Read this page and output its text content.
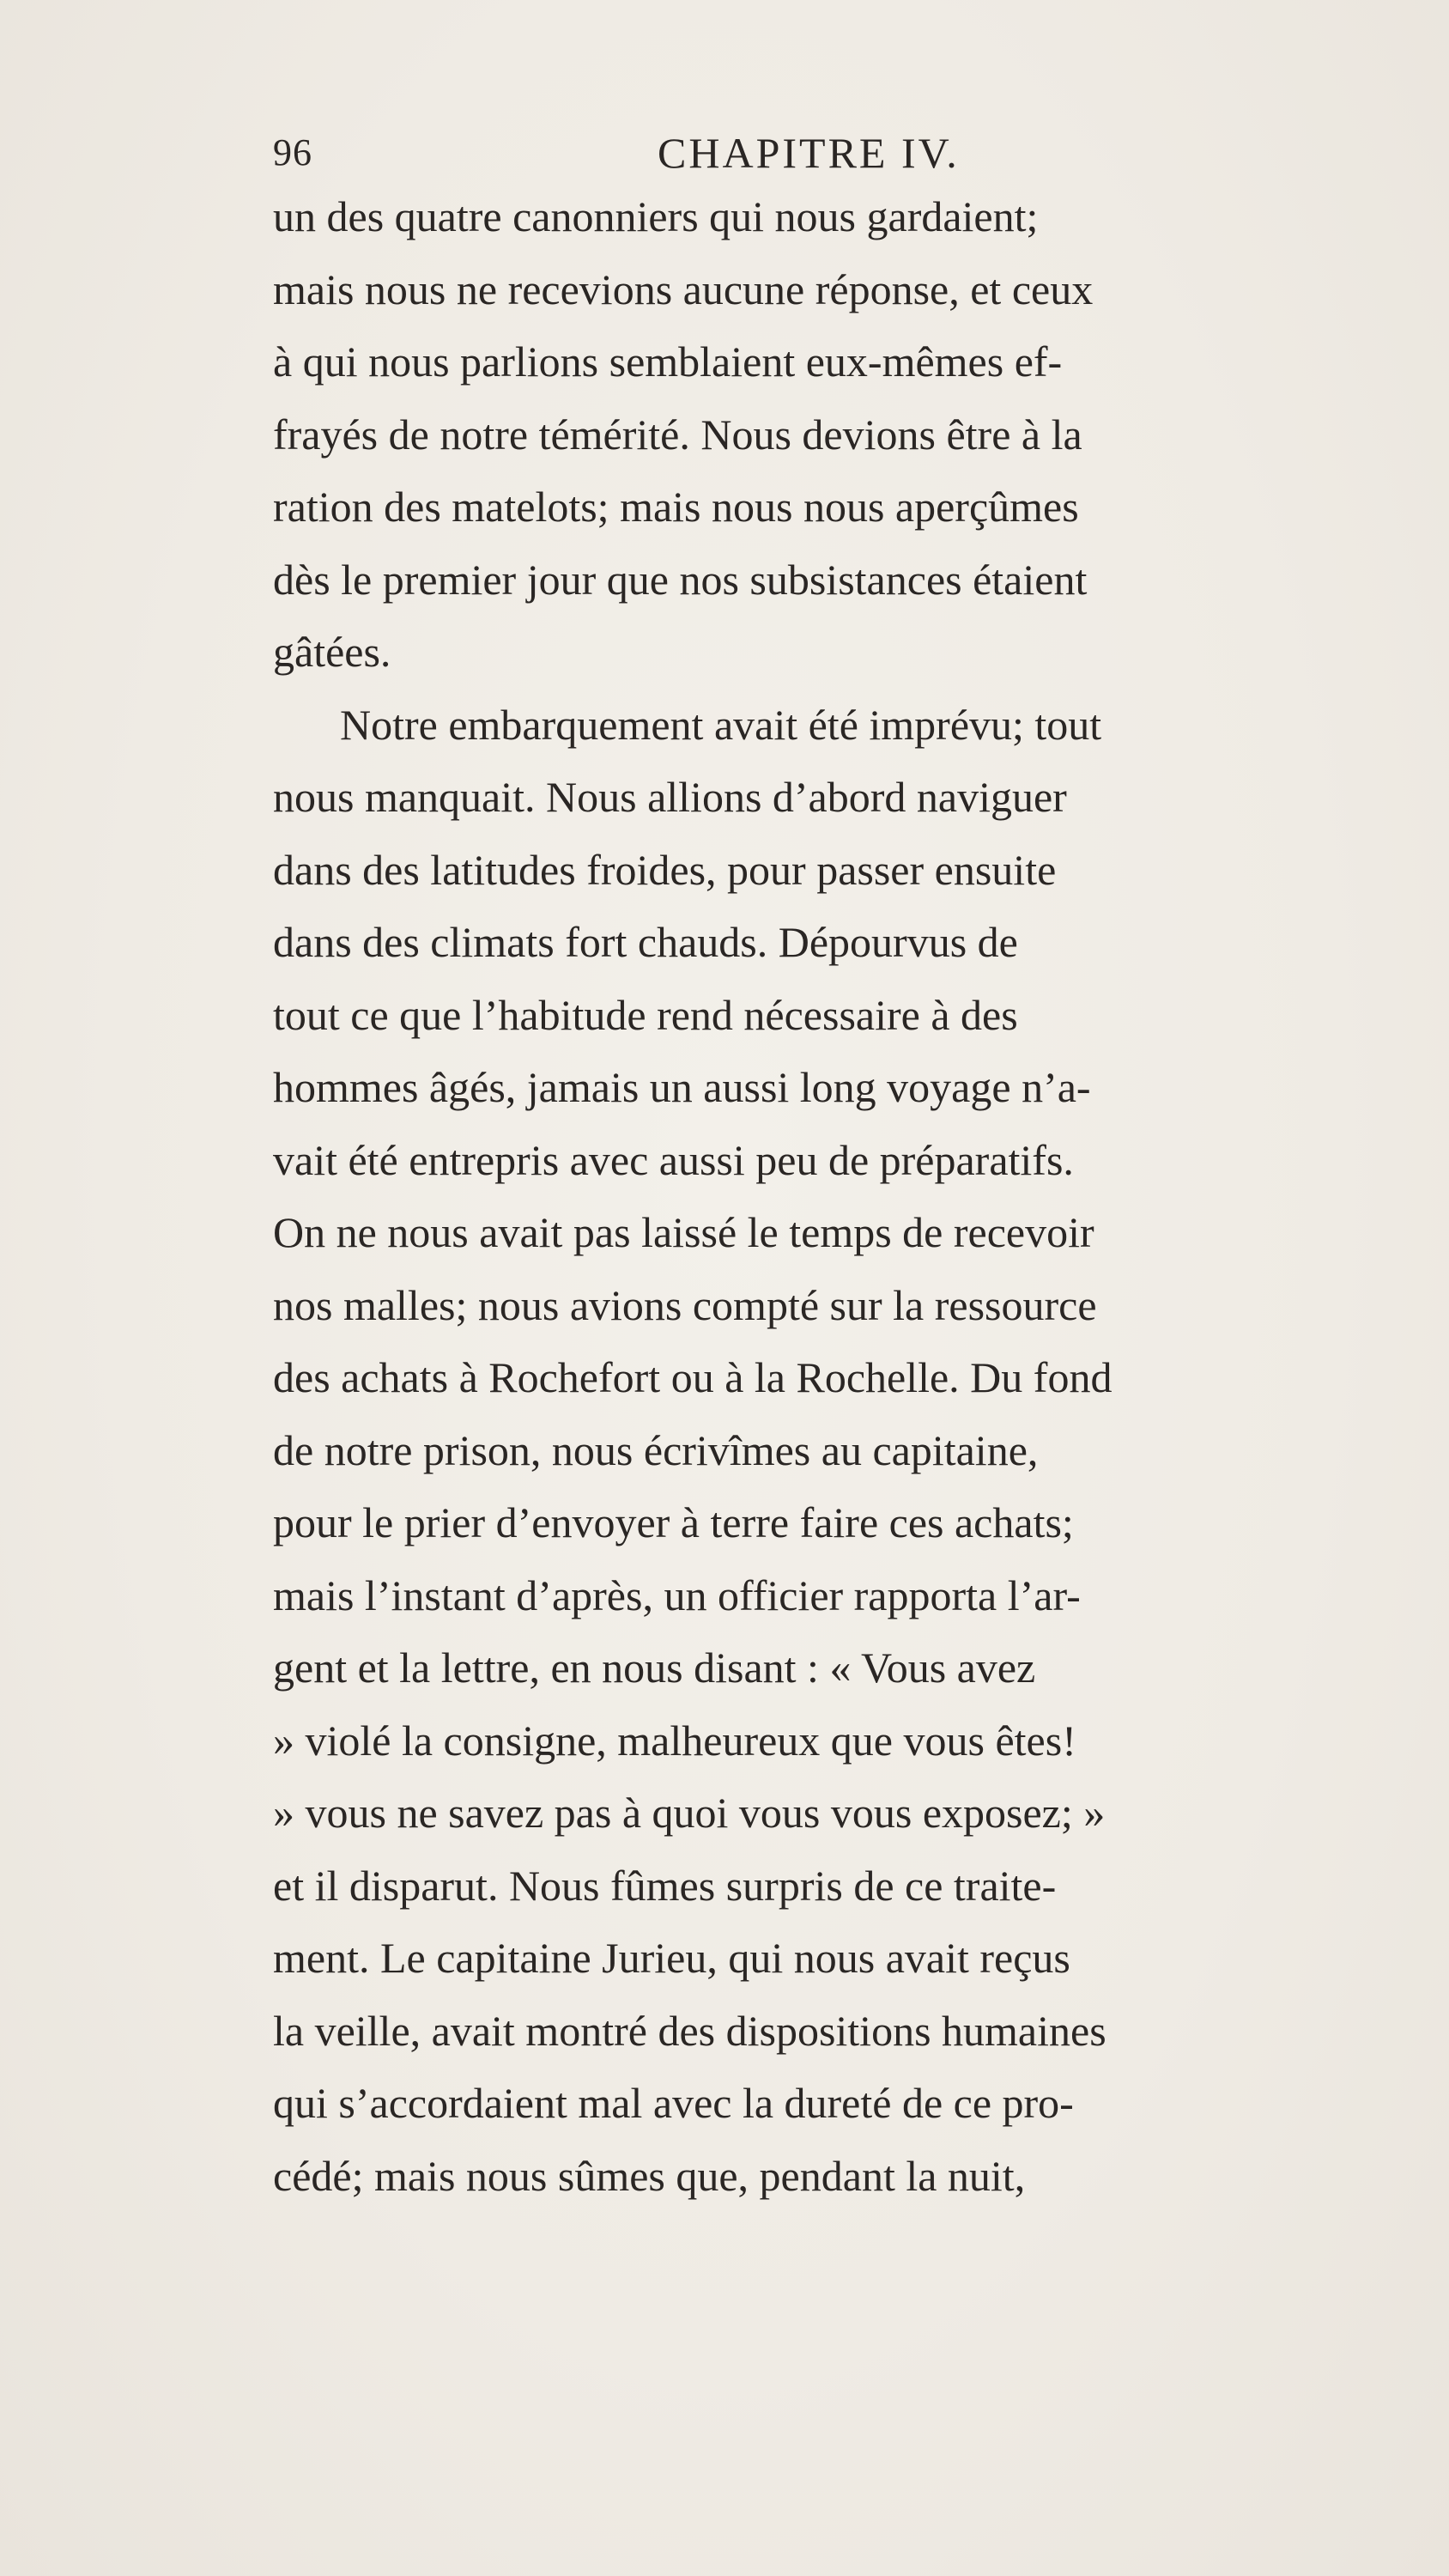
96	CHAPITRE IV.
un des quatre canonniers qui nous gardaient;
mais nous ne recevions aucune réponse, et ceux
à qui nous parlions semblaient eux-mêmes ef-
frayés de notre témérité. Nous devions être à la
ration des matelots; mais nous nous aperçûmes
dès le premier jour que nos subsistances étaient
gâtées.
Notre embarquement avait été imprévu; tout
nous manquait. Nous allions d’abord naviguer
dans des latitudes froides, pour passer ensuite
dans des climats fort chauds. Dépourvus de
tout ce que l’habitude rend nécessaire à des
hommes âgés, jamais un aussi long voyage n’a-
vait été entrepris avec aussi peu de préparatifs.
On ne nous avait pas laissé le temps de recevoir
nos malles; nous avions compté sur la ressource
des achats à Rochefort ou à la Rochelle. Du fond
de notre prison, nous écrivîmes au capitaine,
pour le prier d’envoyer à terre faire ces achats;
mais l’instant d’après, un officier rapporta l’ar-
gent et la lettre, en nous disant : « Vous avez
» violé la consigne, malheureux que vous êtes!
» vous ne savez pas à quoi vous vous exposez; »
et il disparut. Nous fûmes surpris de ce traite-
ment. Le capitaine Jurieu, qui nous avait reçus
la veille, avait montré des dispositions humaines
qui s’accordaient mal avec la dureté de ce pro-
cédé; mais nous sûmes que, pendant la nuit,
